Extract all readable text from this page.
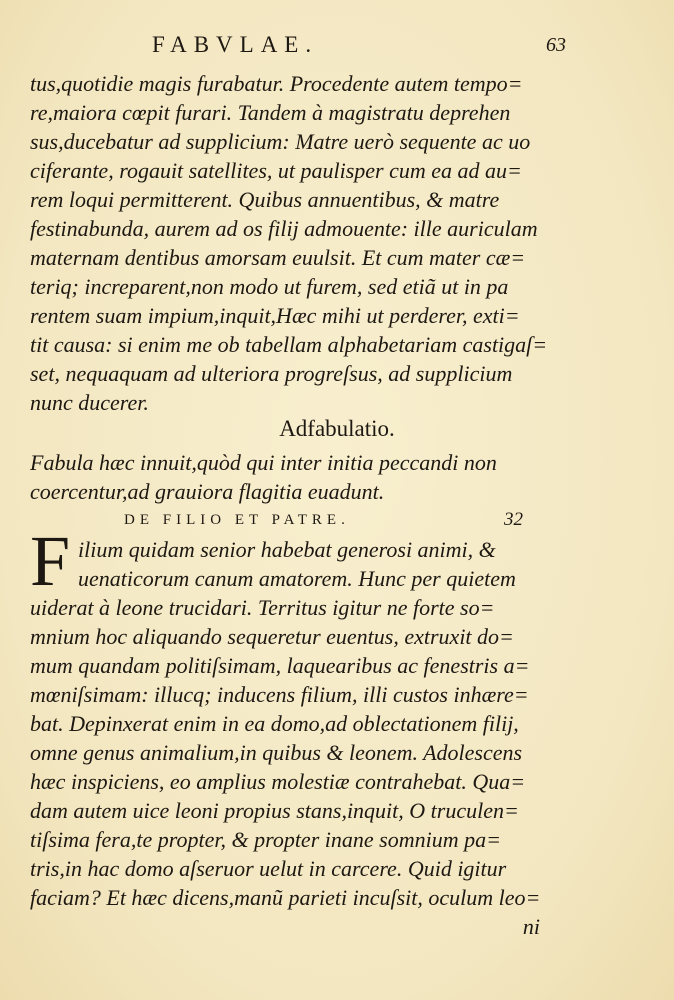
FABVLAE.	63
tus,quotidie magis furabatur. Procedente autem tempo=
re,maiora cœpit furari. Tandem à magistratu deprehen
sus,ducebatur ad supplicium: Matre uerò sequente ac uo
ciferante, rogauit satellites, ut paulisper cum ea ad au=
rem loqui permitterent. Quibus annuentibus, & matre
festinabunda, aurem ad os filij admouente: ille auriculam
maternam dentibus amorsam euulsit. Et cum mater cæ=
teriq; increparent,non modo ut furem, sed etiã ut in pa
rentem suam impium,inquit,Hæc mihi ut perderer, exti=
tit causa: si enim me ob tabellam alphabetariam castigaſ=
set, nequaquam ad ulteriora progreſsus, ad supplicium
nunc ducerer.
Adfabulatio.
Fabula hæc innuit,quòd qui inter initia peccandi non
coercentur,ad grauiora flagitia euadunt.
DE FILIO ET PATRE.	32
F ilium quidam senior habebat generosi animi, &
uenaticorum canum amatorem. Hunc per quietem
uiderat à leone trucidari. Territus igitur ne forte so=
mnium hoc aliquando sequeretur euentus, extruxit do=
mum quandam politiſsimam, laquearibus ac fenestris a=
mœniſsimam: illucq; inducens filium, illi custos inhære=
bat. Depinxerat enim in ea domo,ad oblectationem filij,
omne genus animalium,in quibus & leonem. Adolescens
hæc inspiciens, eo amplius molestiæ contrahebat. Qua=
dam autem uice leoni propius stans,inquit, O truculen=
tiſsima fera,te propter, & propter inane somnium pa=
tris,in hac domo aſseruor uelut in carcere. Quid igitur
faciam? Et hæc dicens,manũ parieti incuſsit, oculum leo=
ni
